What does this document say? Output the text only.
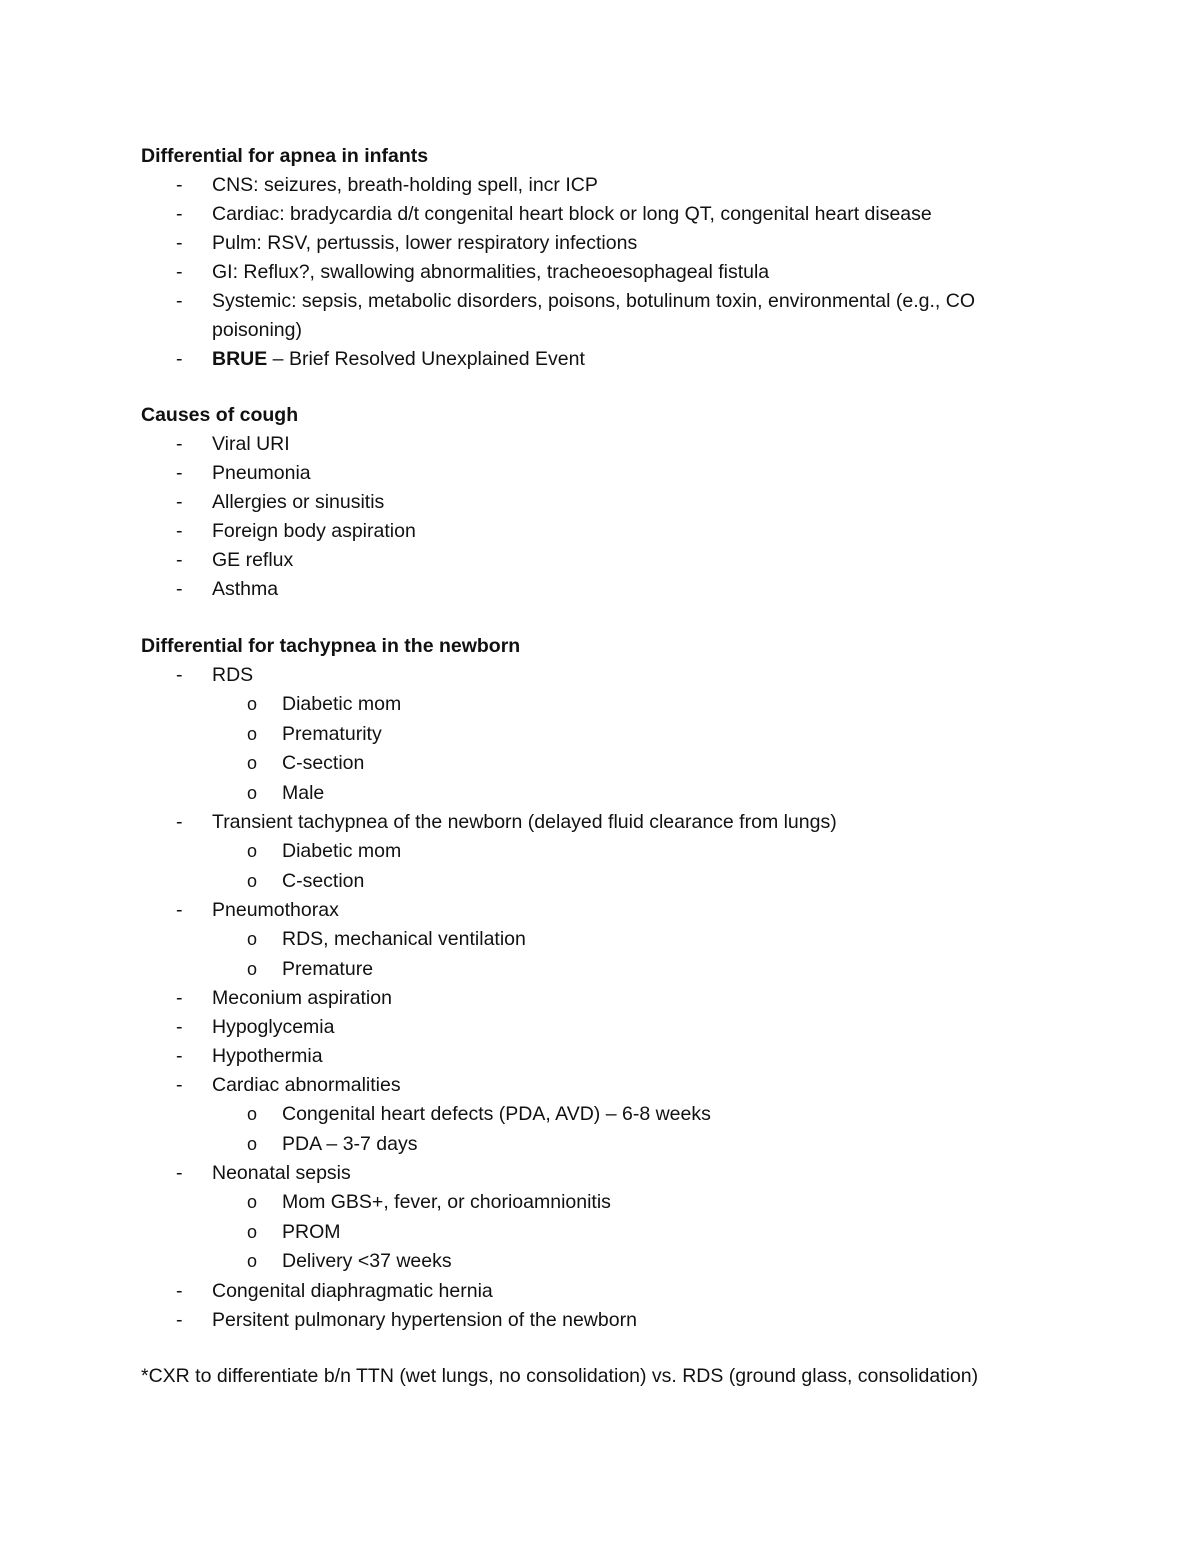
Differential for apnea in infants
- CNS: seizures, breath-holding spell, incr ICP
- Cardiac: bradycardia d/t congenital heart block or long QT, congenital heart disease
- Pulm: RSV, pertussis, lower respiratory infections
- GI: Reflux?, swallowing abnormalities, tracheoesophageal fistula
- Systemic: sepsis, metabolic disorders, poisons, botulinum toxin, environmental (e.g., CO poisoning)
- BRUE – Brief Resolved Unexplained Event
Causes of cough
- Viral URI
- Pneumonia
- Allergies or sinusitis
- Foreign body aspiration
- GE reflux
- Asthma
Differential for tachypnea in the newborn
- RDS
o Diabetic mom
o Prematurity
o C-section
o Male
- Transient tachypnea of the newborn (delayed fluid clearance from lungs)
o Diabetic mom
o C-section
- Pneumothorax
o RDS, mechanical ventilation
o Premature
- Meconium aspiration
- Hypoglycemia
- Hypothermia
- Cardiac abnormalities
o Congenital heart defects (PDA, AVD) – 6-8 weeks
o PDA – 3-7 days
- Neonatal sepsis
o Mom GBS+, fever, or chorioamnionitis
o PROM
o Delivery <37 weeks
- Congenital diaphragmatic hernia
- Persitent pulmonary hypertension of the newborn
*CXR to differentiate b/n TTN (wet lungs, no consolidation) vs. RDS (ground glass, consolidation)
